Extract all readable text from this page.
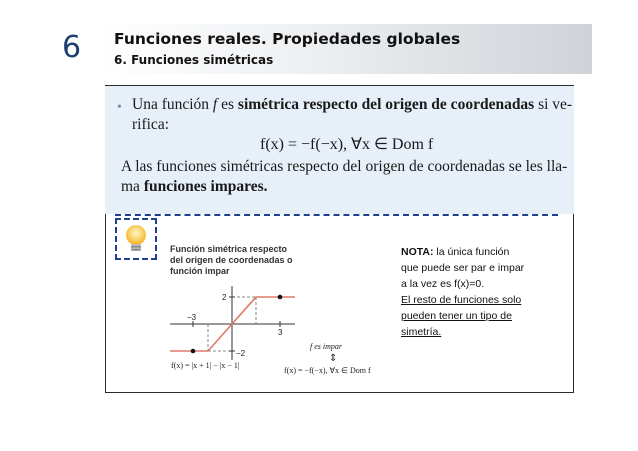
6 Funciones reales. Propiedades globales
6. Funciones simétricas
• Una función f es simétrica respecto del origen de coordenadas si ve-
rifica:
f(x) = −f(−x), ∀x ∈ Dom f
A las funciones simétricas respecto del origen de coordenadas se les lla-
ma funciones impares.
Función simétrica respecto
del origen de coordenadas o
función impar
−3
3
2
−2
f(x) = |x + 1| − |x − 1|
f es impar
⇕
f(x) = −f(−x), ∀x ∈ Dom f
NOTA: la única función
que puede ser par e impar
a la vez es f(x)=0.
El resto de funciones solo
pueden tener un tipo de
simetría.
